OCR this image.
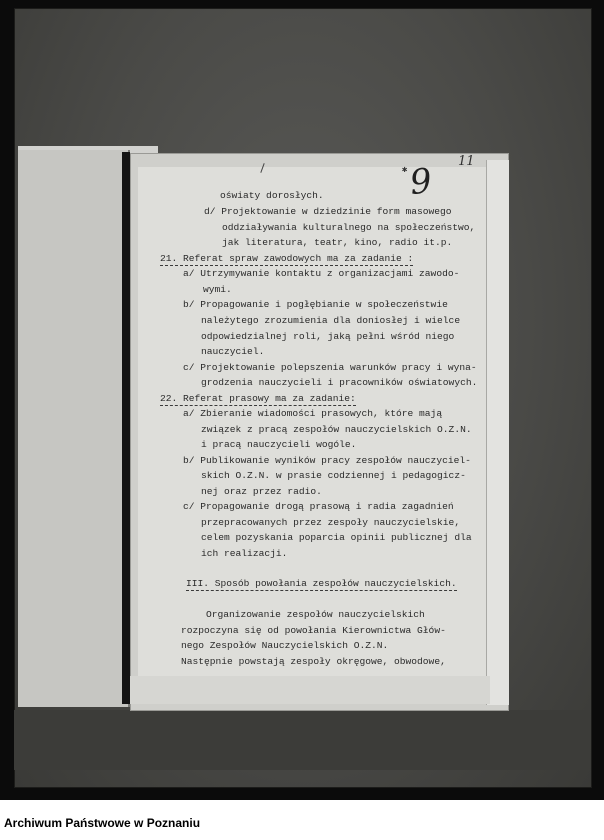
✱ 9 11
oświaty dorosłych.
d/ Projektowanie w dziedzinie form masowego
oddziaływania kulturalnego na społeczeństwo,
jak literatura, teatr, kino, radio it.p.
21. Referat spraw zawodowych ma za zadanie :
a/ Utrzymywanie kontaktu z organizacjami zawodo-
wymi.
b/ Propagowanie i pogłębianie w społeczeństwie
należytego zrozumienia dla doniosłej i wielce
odpowiedzialnej roli, jaką pełni wśród niego
nauczyciel.
c/ Projektowanie polepszenia warunków pracy i wyna-
grodzenia nauczycieli i pracowników oświatowych.
22. Referat prasowy ma za zadanie:
a/ Zbieranie wiadomości prasowych, które mają
związek z pracą zespołów nauczycielskich O.Z.N.
i pracą nauczycieli wogóle.
b/ Publikowanie wyników pracy zespołów nauczyciel-
skich O.Z.N. w prasie codziennej i pedagogicz-
nej oraz przez radio.
c/ Propagowanie drogą prasową i radia zagadnień
przepracowanych przez zespoły nauczycielskie,
celem pozyskania poparcia opinii publicznej dla
ich realizacji.
III. Sposób powołania zespołów nauczycielskich.
Organizowanie zespołów nauczycielskich
rozpoczyna się od powołania Kierownictwa Głów-
nego Zespołów Nauczycielskich O.Z.N.
Następnie powstają zespoły okręgowe, obwodowe,
Archiwum Państwowe w Poznaniu
